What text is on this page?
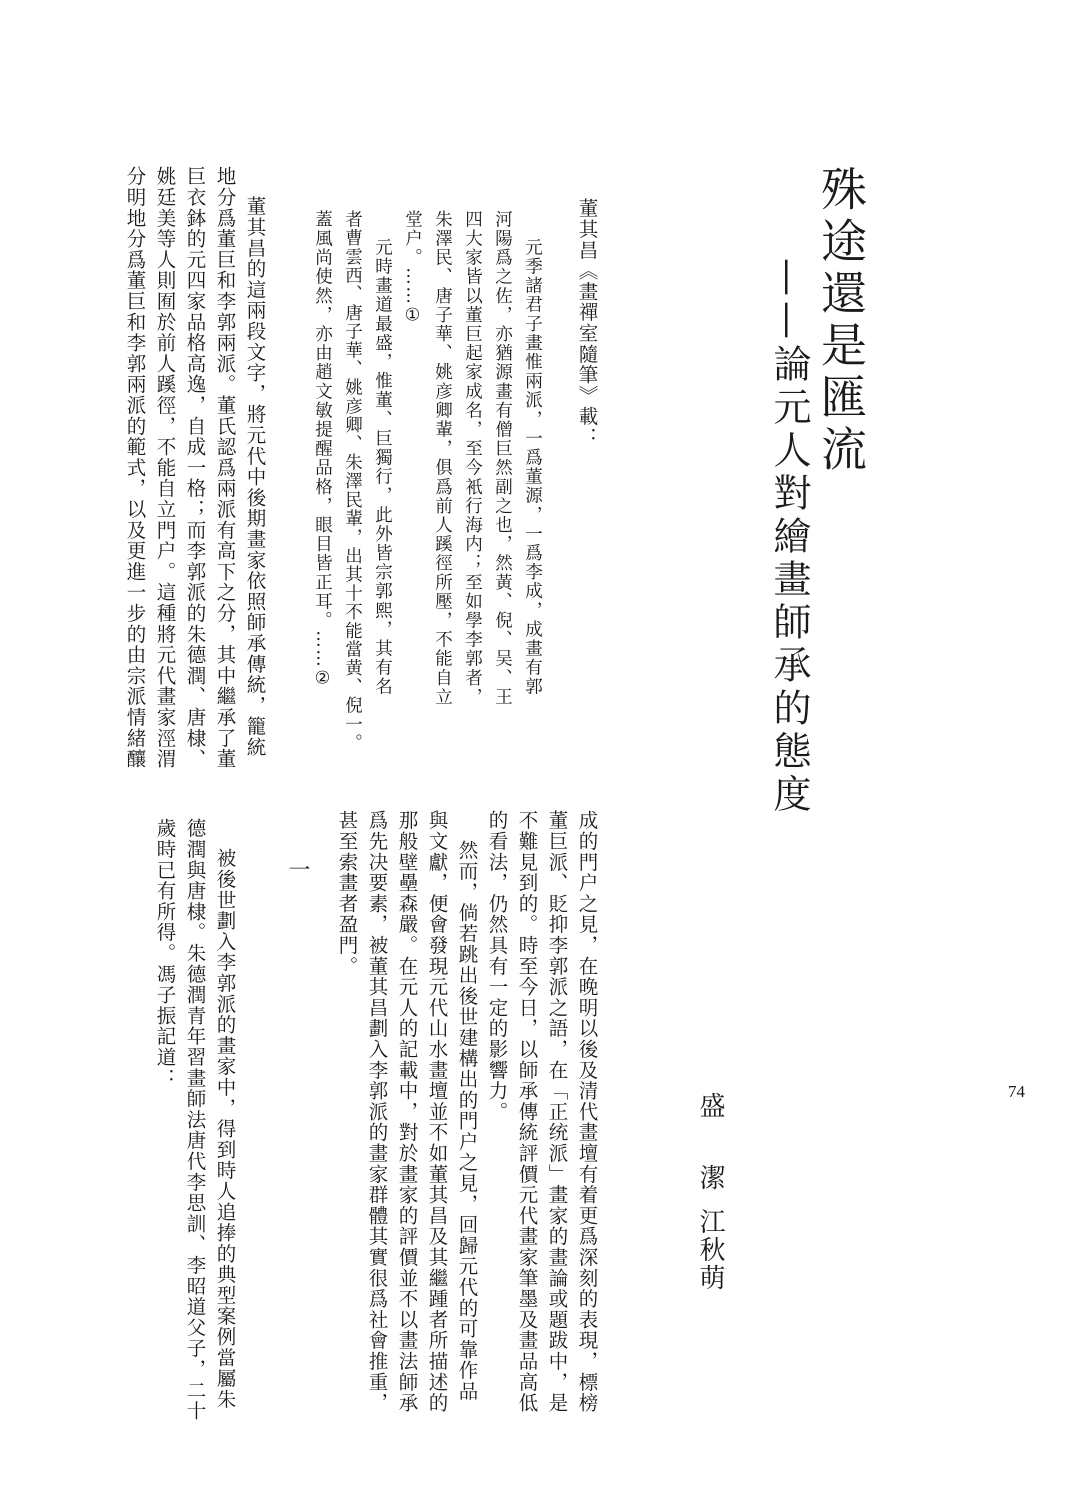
殊途還是匯流
——論元人對繪畫師承的態度
盛　潔
江秋萌
董其昌《畫禪室隨筆》載：
元季諸君子畫惟兩派，一爲董源，一爲李成，成畫有郭
河陽爲之佐，亦猶源畫有僧巨然副之也，然黃、倪、吴、王
四大家皆以董巨起家成名，至今衹行海内；至如學李郭者，
朱澤民、唐子華、姚彦卿輩，俱爲前人蹊徑所壓，不能自立
堂户。……①
元時畫道最盛，惟董、巨獨行，此外皆宗郭熙，其有名
者曹雲西、唐子華、姚彦卿、朱澤民輩，出其十不能當黄、倪一。
蓋風尚使然，亦由趙文敏提醒品格，眼目皆正耳。……②
董其昌的這兩段文字，將元代中後期畫家依照師承傳統，籠統
地分爲董巨和李郭兩派。董氏認爲兩派有高下之分，其中繼承了董
巨衣鉢的元四家品格高逸，自成一格；而李郭派的朱德潤、唐棣、
姚廷美等人則囿於前人蹊徑，不能自立門户。這種將元代畫家涇渭
分明地分爲董巨和李郭兩派的範式，以及更進一步的由宗派情緒釀
成的門户之見，在晚明以後及清代畫壇有着更爲深刻的表現，標榜
董巨派、貶抑李郭派之語，在「正统派」畫家的畫論或題跋中，是
不難見到的。時至今日，以師承傳統評價元代畫家筆墨及畫品高低
的看法，仍然具有一定的影響力。
然而，倘若跳出後世建構出的門户之見，回歸元代的可靠作品
與文獻，便會發現元代山水畫壇並不如董其昌及其繼踵者所描述的
那般壁壘森嚴。在元人的記載中，對於畫家的評價並不以畫法師承
爲先决要素，被董其昌劃入李郭派的畫家群體其實很爲社會推重，
甚至索畫者盈門。
一
被後世劃入李郭派的畫家中，得到時人追捧的典型案例當屬朱
德潤與唐棣。朱德潤青年習畫師法唐代李思訓、李昭道父子，二十
歲時已有所得。馮子振記道：
74
